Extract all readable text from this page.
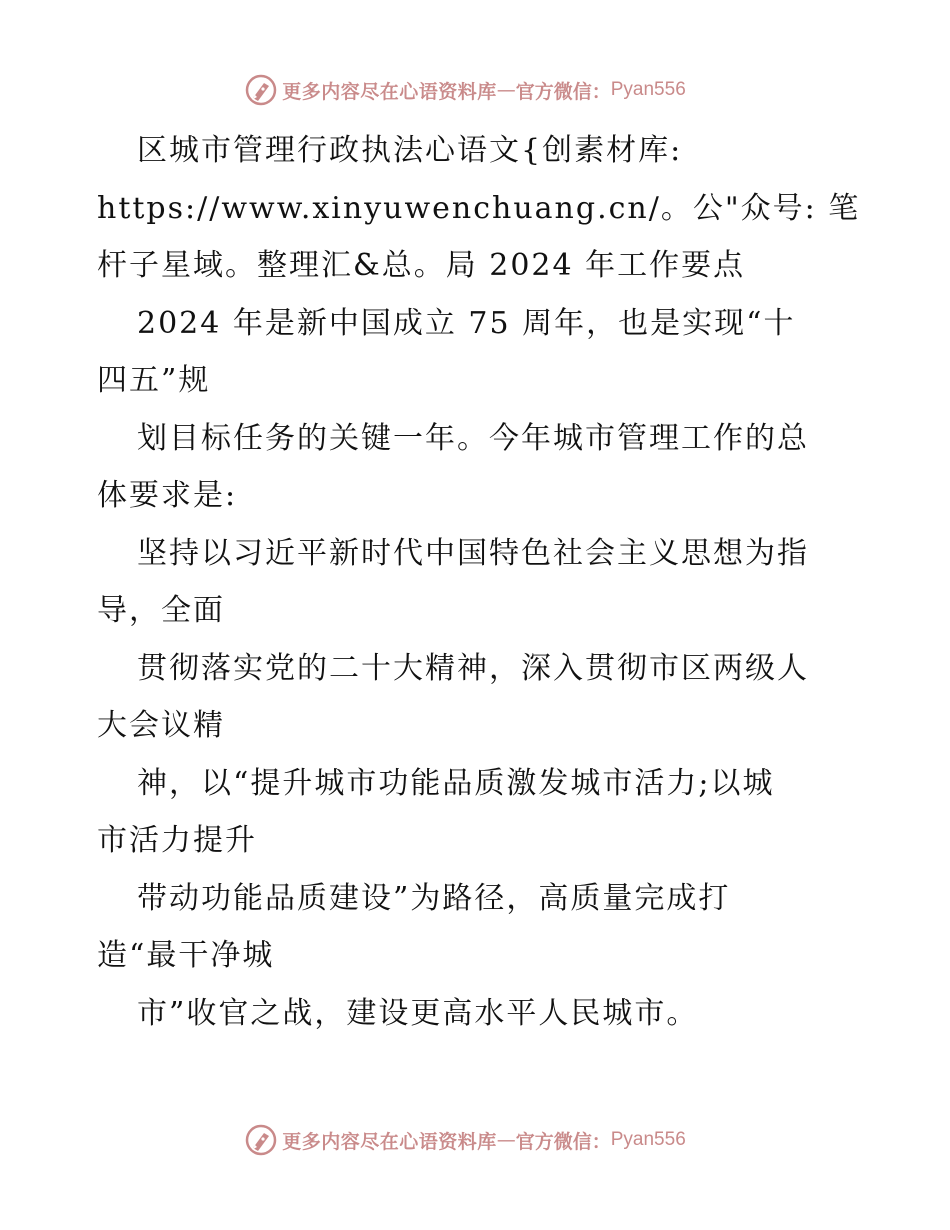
更多内容尽在心语资料库 — 官方微信： Pyan556
区城市管理行政执法心语文{创素材库:
https://www.xinyuwenchuang.cn/。公"众号: 笔
杆子星域。整理汇&总。局 2024 年工作要点
2024 年是新中国成立 75 周年，也是实现“十
四五”规
划目标任务的关键一年。今年城市管理工作的总
体要求是:
坚持以习近平新时代中国特色社会主义思想为指
导，全面
贯彻落实党的二十大精神，深入贯彻市区两级人
大会议精
神，以“提升城市功能品质激发城市活力;以城
市活力提升
带动功能品质建设”为路径，高质量完成打
造“最干净城
市”收官之战，建设更高水平人民城市。
更多内容尽在心语资料库 — 官方微信： Pyan556
